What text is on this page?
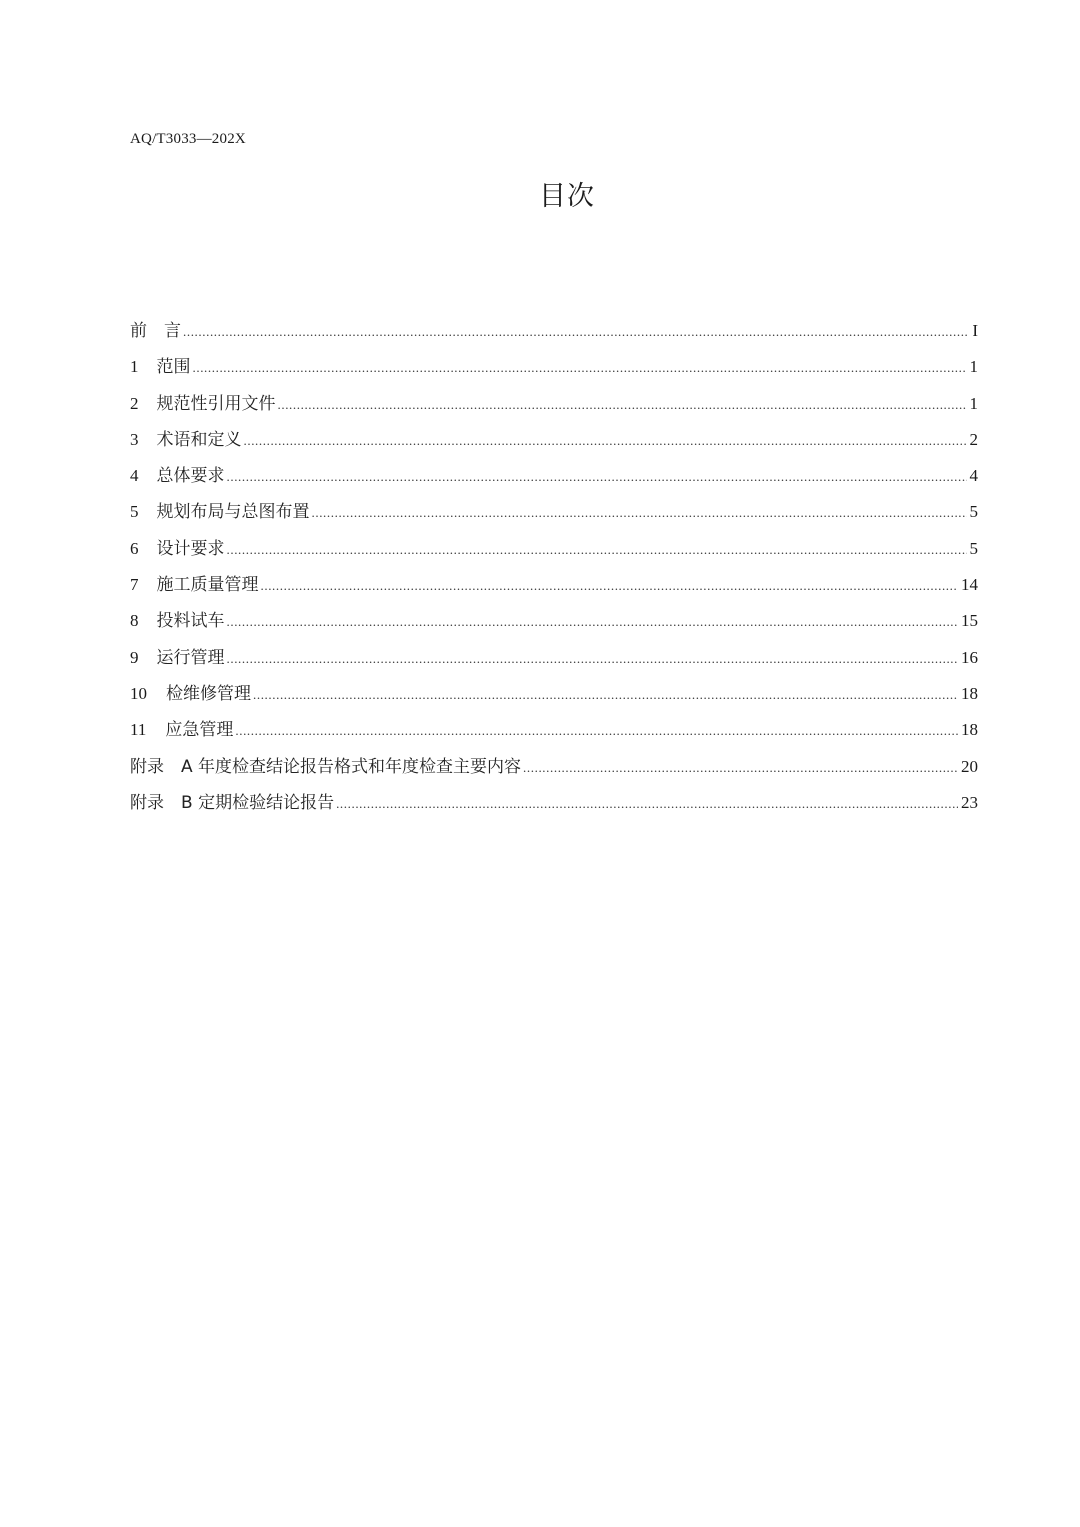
AQ/T3033—202X
目次
前　言 .....	I
1	范围 .....	1
2	规范性引用文件 .....	1
3	术语和定义 .....	2
4	总体要求 .....	4
5	规划布局与总图布置 .....	5
6	设计要求 .....	5
7	施工质量管理 .....	14
8	投料试车 .....	15
9	运行管理 .....	16
10	检维修管理 .....	18
11	应急管理 .....	18
附录　A 年度检查结论报告格式和年度检查主要内容 .....	20
附录　B 定期检验结论报告 .....	23
